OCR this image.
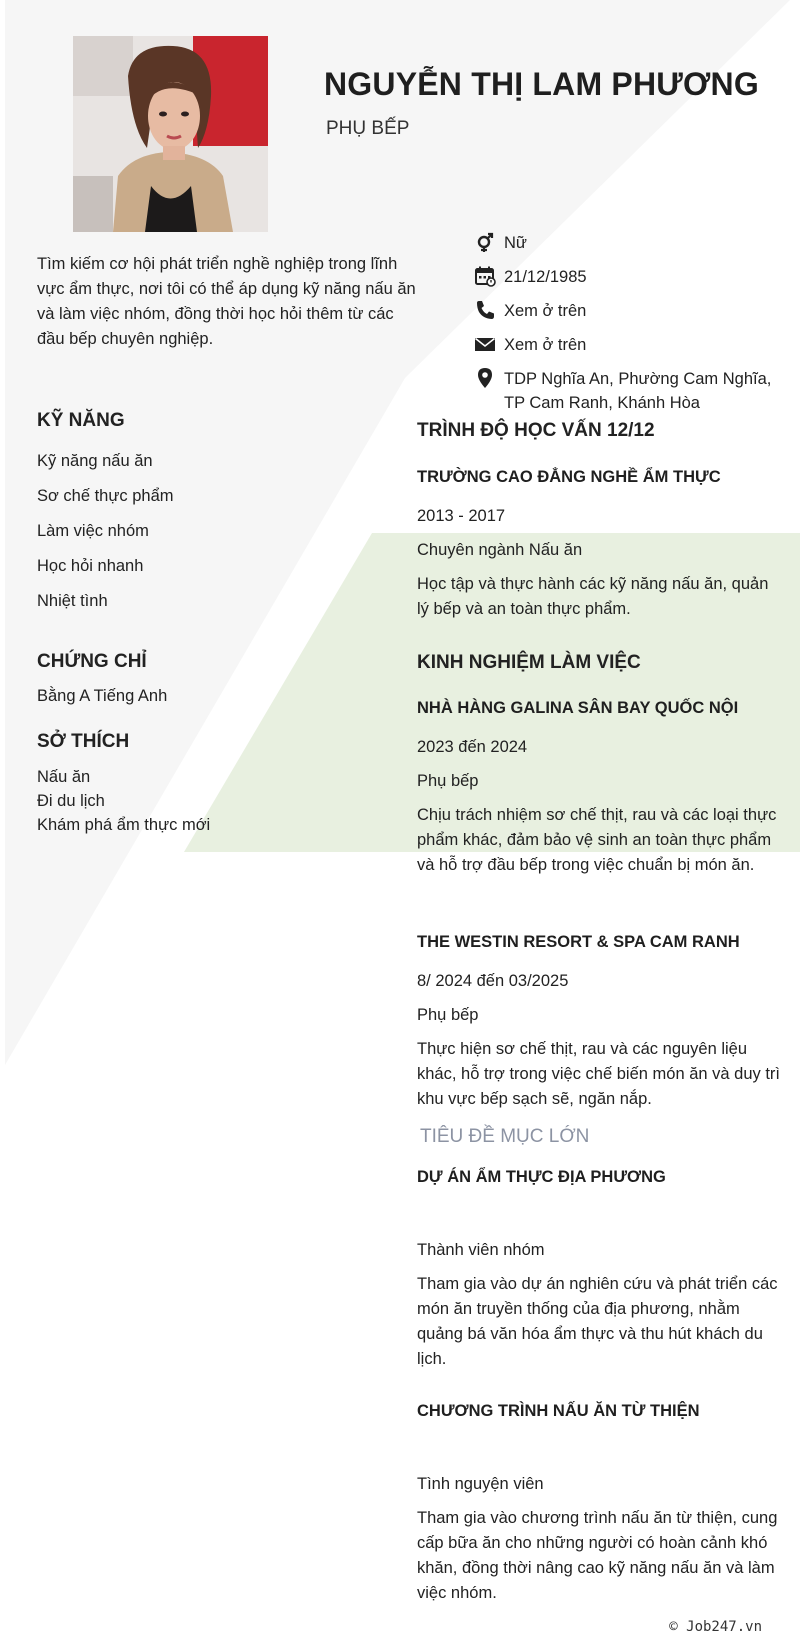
NGUYỄN THỊ LAM PHƯƠNG
PHỤ BẾP
Tìm kiếm cơ hội phát triển nghề nghiệp trong lĩnh vực ẩm thực, nơi tôi có thể áp dụng kỹ năng nấu ăn và làm việc nhóm, đồng thời học hỏi thêm từ các đầu bếp chuyên nghiệp.
Nữ
21/12/1985
Xem ở trên
Xem ở trên
TDP Nghĩa An, Phường Cam Nghĩa, TP Cam Ranh, Khánh Hòa
KỸ NĂNG
Kỹ năng nấu ăn
Sơ chế thực phẩm
Làm việc nhóm
Học hỏi nhanh
Nhiệt tình
CHỨNG CHỈ
Bằng A Tiếng Anh
SỞ THÍCH
Nấu ăn
Đi du lịch
Khám phá ẩm thực mới
TRÌNH ĐỘ HỌC VẤN 12/12
TRƯỜNG CAO ĐẲNG NGHỀ ẨM THỰC
2013 - 2017
Chuyên ngành Nấu ăn
Học tập và thực hành các kỹ năng nấu ăn, quản lý bếp và an toàn thực phẩm.
KINH NGHIỆM LÀM VIỆC
NHÀ HÀNG GALINA SÂN BAY QUỐC NỘI
2023 đến 2024
Phụ bếp
Chịu trách nhiệm sơ chế thịt, rau và các loại thực phẩm khác, đảm bảo vệ sinh an toàn thực phẩm và hỗ trợ đầu bếp trong việc chuẩn bị món ăn.
THE WESTIN RESORT & SPA CAM RANH
8/ 2024 đến 03/2025
Phụ bếp
Thực hiện sơ chế thịt, rau và các nguyên liệu khác, hỗ trợ trong việc chế biến món ăn và duy trì khu vực bếp sạch sẽ, ngăn nắp.
TIÊU ĐỀ MỤC LỚN
DỰ ÁN ẨM THỰC ĐỊA PHƯƠNG
Thành viên nhóm
Tham gia vào dự án nghiên cứu và phát triển các món ăn truyền thống của địa phương, nhằm quảng bá văn hóa ẩm thực và thu hút khách du lịch.
CHƯƠNG TRÌNH NẤU ĂN TỪ THIỆN
Tình nguyện viên
Tham gia vào chương trình nấu ăn từ thiện, cung cấp bữa ăn cho những người có hoàn cảnh khó khăn, đồng thời nâng cao kỹ năng nấu ăn và làm việc nhóm.
© Job247.vn
